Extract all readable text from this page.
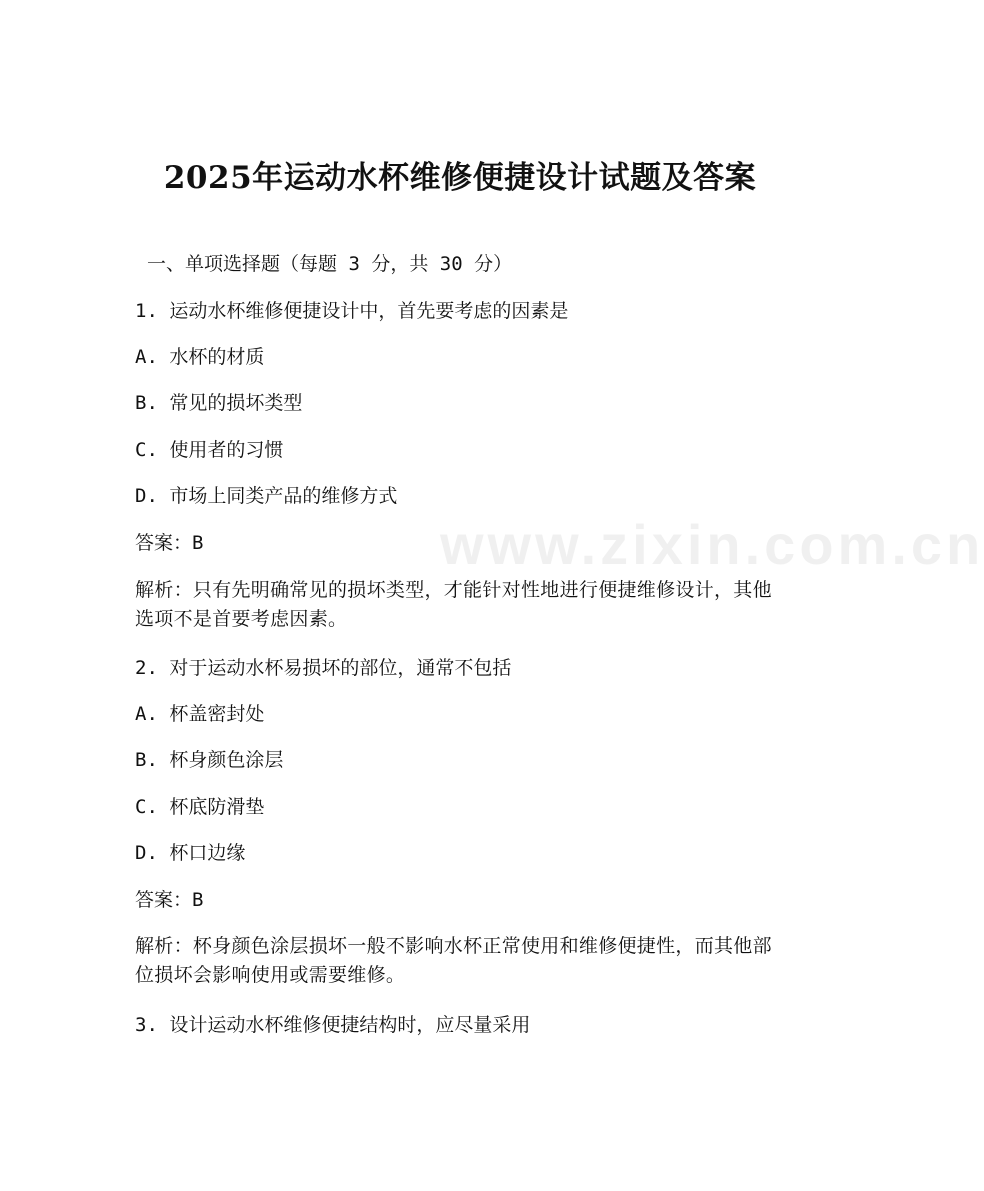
www.zixin.com.cn
2025年运动水杯维修便捷设计试题及答案
一、单项选择题（每题 3 分，共 30 分）
1. 运动水杯维修便捷设计中，首先要考虑的因素是
A. 水杯的材质
B. 常见的损坏类型
C. 使用者的习惯
D. 市场上同类产品的维修方式
答案：B
解析：只有先明确常见的损坏类型，才能针对性地进行便捷维修设计，其他选项不是首要考虑因素。
2. 对于运动水杯易损坏的部位，通常不包括
A. 杯盖密封处
B. 杯身颜色涂层
C. 杯底防滑垫
D. 杯口边缘
答案：B
解析：杯身颜色涂层损坏一般不影响水杯正常使用和维修便捷性，而其他部位损坏会影响使用或需要维修。
3. 设计运动水杯维修便捷结构时，应尽量采用
